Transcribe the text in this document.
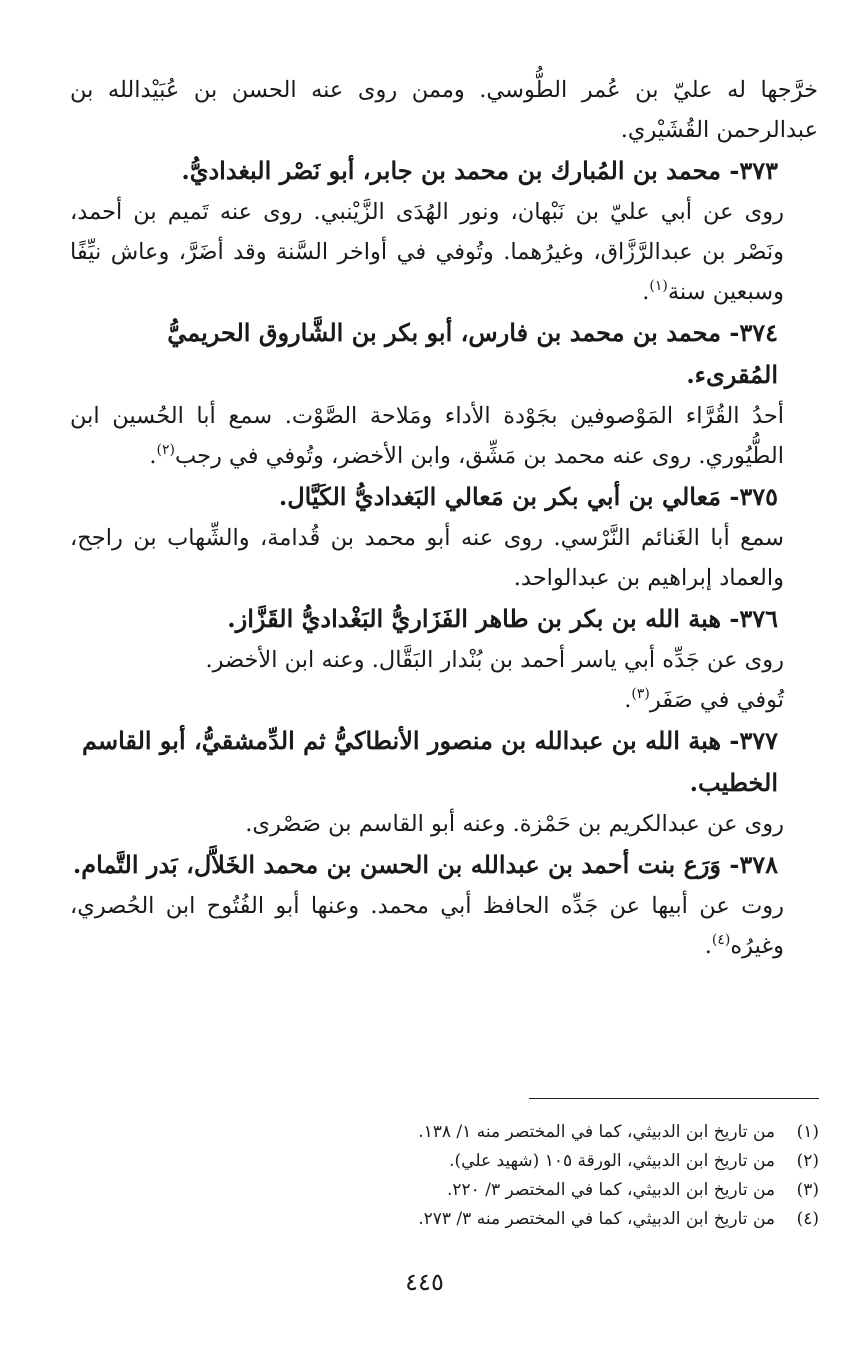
خرَّجها له عليّ بن عُمر الطُّوسي. وممن روى عنه الحسن بن عُبَيْدالله بن عبدالرحمن القُشَيْري.

٣٧٣- محمد بن المُبارك بن محمد بن جابر، أبو نَصْر البغداديُّ.

روى عن أبي عليّ بن نَبْهان، ونور الهُدَى الزَّيْنبي. روى عنه تَميم بن أحمد، ونَصْر بن عبدالرَّزَّاق، وغيرُهما. وتُوفي في أواخر السَّنة وقد أضَرَّ، وعاش نيِّفًا وسبعين سنة$^{(١)}$.

٣٧٤- محمد بن محمد بن فارس، أبو بكر بن الشَّاروق الحريميُّ المُقرىء.

أحدُ القُرَّاء المَوْصوفين بجَوْدة الأداء ومَلاحة الصَّوْت. سمع أبا الحُسين ابن الطُّيُوري. روى عنه محمد بن مَشِّق، وابن الأخضر، وتُوفي في رجب$^{(٢)}$.

٣٧٥- مَعالي بن أبي بكر بن مَعالي البَغداديُّ الكَيَّال.

سمع أبا الغَنائم النَّرْسي. روى عنه أبو محمد بن قُدامة، والشِّهاب بن راجح، والعماد إبراهيم بن عبدالواحد.

٣٧٦- هبة الله بن بكر بن طاهر الفَزَاريُّ البَغْداديُّ القَزَّاز.

روى عن جَدِّه أبي ياسر أحمد بن بُنْدار البَقَّال. وعنه ابن الأخضر.

تُوفي في صَفَر$^{(٣)}$.

٣٧٧- هبة الله بن عبدالله بن منصور الأنطاكيُّ ثم الدِّمشقيُّ، أبو القاسم الخطيب.

روى عن عبدالكريم بن حَمْزة. وعنه أبو القاسم بن صَصْرى.

٣٧٨- وَرَع بنت أحمد بن عبدالله بن الحسن بن محمد الخَلاَّل، بَدر التَّمام.

روت عن أبيها عن جَدِّه الحافظ أبي محمد. وعنها أبو الفُتُوح ابن الحُصري، وغيرُه$^{(٤)}$.

(١)من تاريخ ابن الدبيثي، كما في المختصر منه ١/ ١٣٨.
(٢)من تاريخ ابن الدبيثي، الورقة ١٠٥ (شهيد علي).
(٣)من تاريخ ابن الدبيثي، كما في المختصر ٣/ ٢٢٠.
(٤)من تاريخ ابن الدبيثي، كما في المختصر منه ٣/ ٢٧٣.
٤٤٥
